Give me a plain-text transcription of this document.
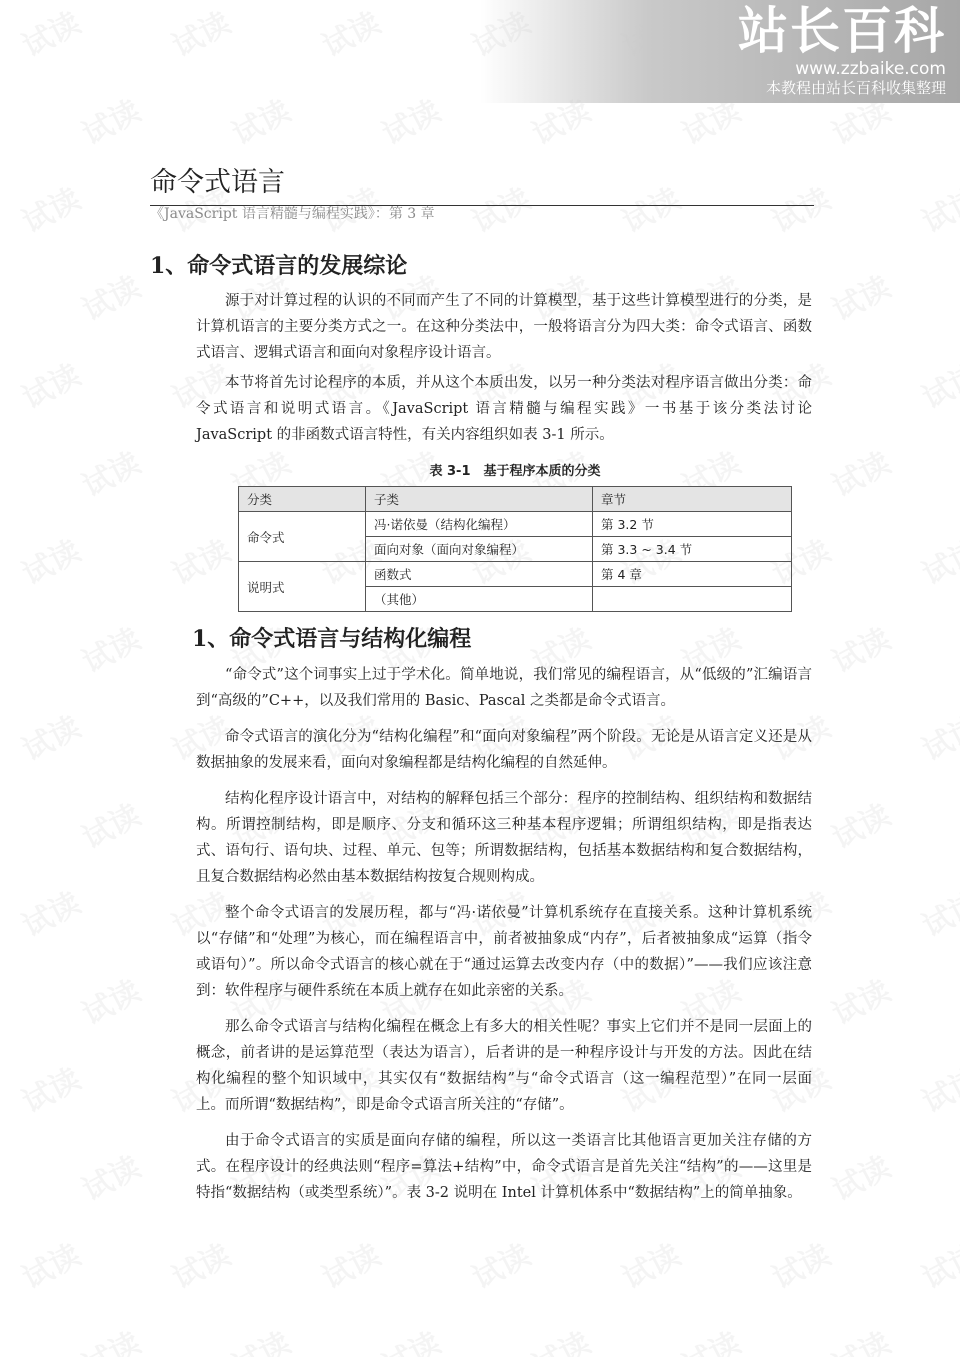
站长百科
www.zzbaike.com
本教程由站长百科收集整理
命令式语言
《JavaScript 语言精髓与编程实践》：第 3 章
1、命令式语言的发展综论

源于对计算过程的认识的不同而产生了不同的计算模型，基于这些计算模型进行的分类，是计算机语言的主要分类方式之一。在这种分类法中，一般将语言分为四大类：命令式语言、函数式语言、逻辑式语言和面向对象程序设计语言。

本节将首先讨论程序的本质，并从这个本质出发，以另一种分类法对程序语言做出分类：命令式语言和说明式语言。《JavaScript 语言精髓与编程实践》一书基于该分类法讨论 JavaScript 的非函数式语言特性，有关内容组织如表 3-1 所示。

表 3-1　基于程序本质的分类
分类	子类	章节
命令式	冯·诺依曼（结构化编程）	第 3.2 节
	面向对象（面向对象编程）	第 3.3 ~ 3.4 节
说明式	函数式	第 4 章
	（其他）	
1、命令式语言与结构化编程

“命令式”这个词事实上过于学术化。简单地说，我们常见的编程语言，从“低级的”汇编语言到“高级的”C++，以及我们常用的 Basic、Pascal 之类都是命令式语言。

命令式语言的演化分为“结构化编程”和“面向对象编程”两个阶段。无论是从语言定义还是从数据抽象的发展来看，面向对象编程都是结构化编程的自然延伸。

结构化程序设计语言中，对结构的解释包括三个部分：程序的控制结构、组织结构和数据结构。所谓控制结构，即是顺序、分支和循环这三种基本程序逻辑；所谓组织结构，即是指表达式、语句行、语句块、过程、单元、包等；所谓数据结构，包括基本数据结构和复合数据结构，且复合数据结构必然由基本数据结构按复合规则构成。

整个命令式语言的发展历程，都与“冯·诺依曼”计算机系统存在直接关系。这种计算机系统以“存储”和“处理”为核心，而在编程语言中，前者被抽象成“内存”，后者被抽象成“运算（指令或语句）”。所以命令式语言的核心就在于“通过运算去改变内存（中的数据）”——我们应该注意到：软件程序与硬件系统在本质上就存在如此亲密的关系。

那么命令式语言与结构化编程在概念上有多大的相关性呢？事实上它们并不是同一层面上的概念，前者讲的是运算范型（表达为语言），后者讲的是一种程序设计与开发的方法。因此在结构化编程的整个知识域中，其实仅有“数据结构”与“命令式语言（这一编程范型）”在同一层面上。而所谓“数据结构”，即是命令式语言所关注的“存储”。

由于命令式语言的实质是面向存储的编程，所以这一类语言比其他语言更加关注存储的方式。在程序设计的经典法则“程序=算法+结构”中，命令式语言是首先关注“结构”的——这里是特指“数据结构（或类型系统）”。表 3-2 说明在 Intel 计算机体系中“数据结构”上的简单抽象。
